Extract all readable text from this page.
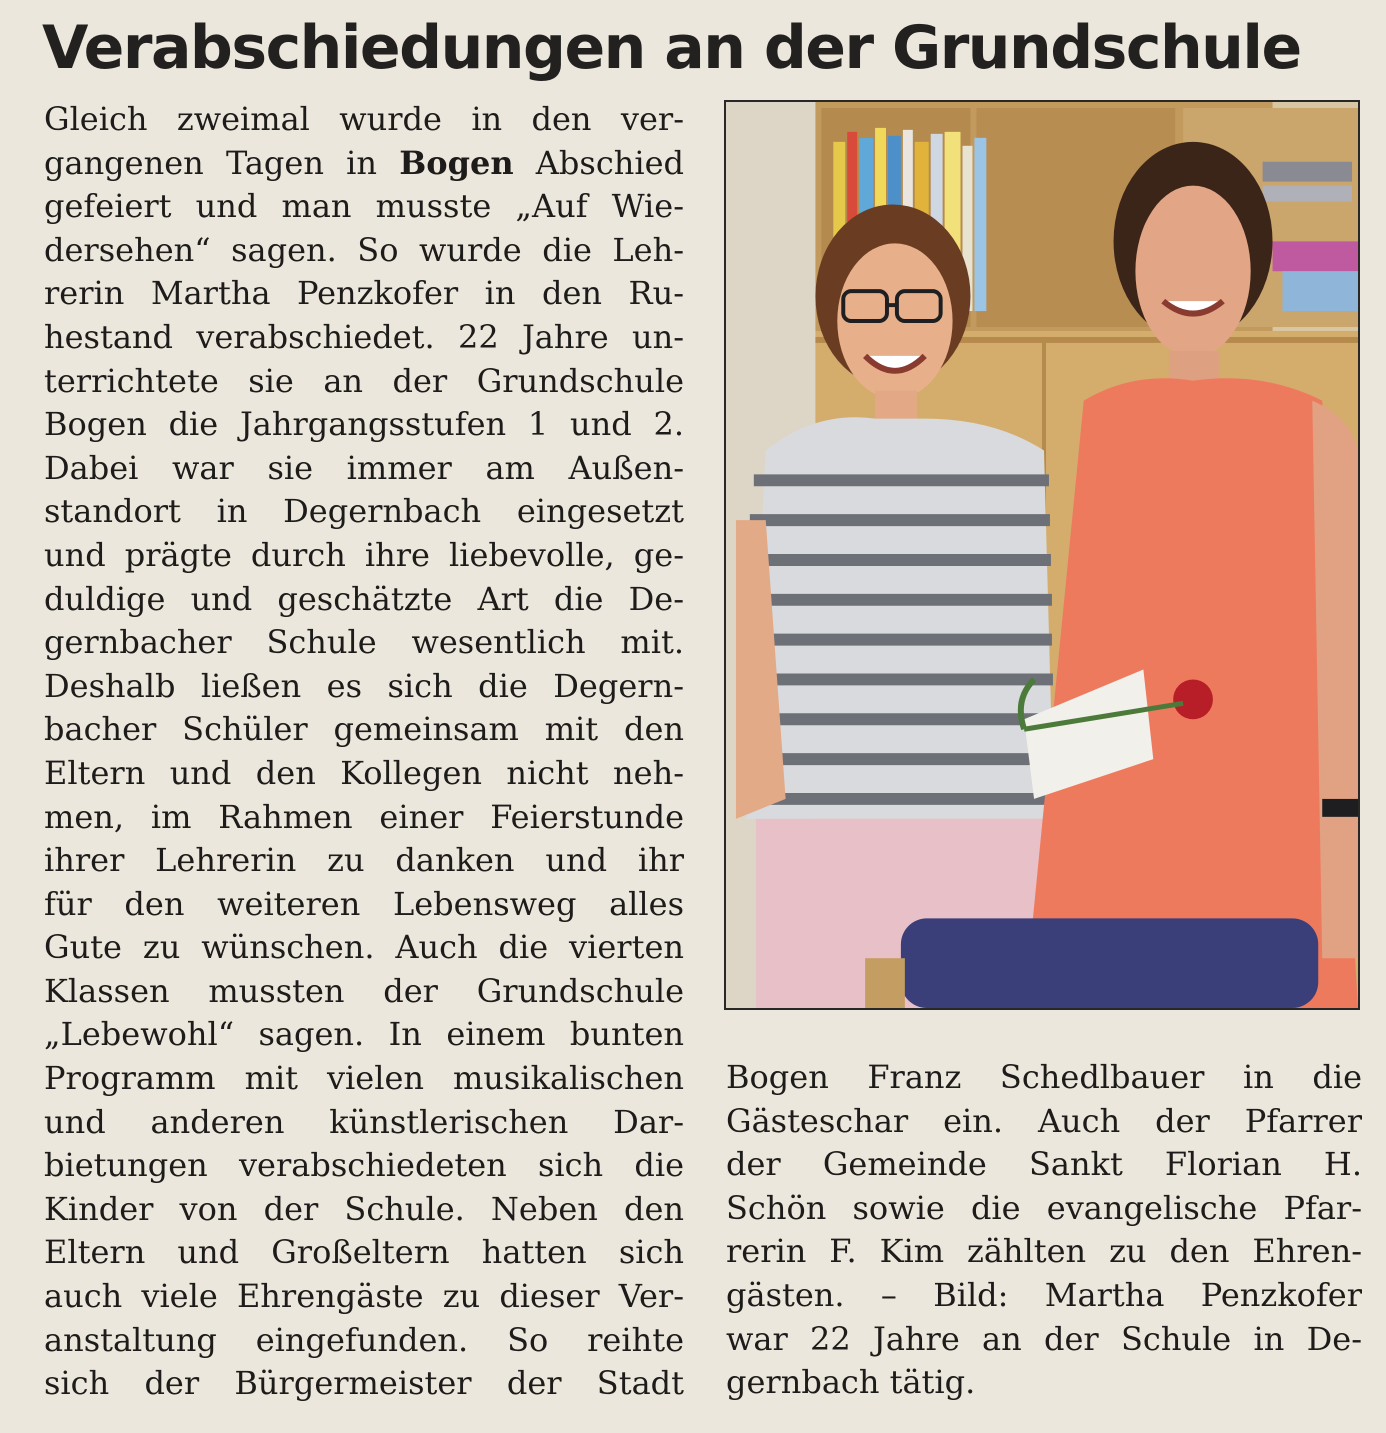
Verabschiedungen an der Grundschule
Gleich zweimal wurde in den ver-
gangenen Tagen in Bogen Abschied
gefeiert und man musste „Auf Wie-
dersehen“ sagen. So wurde die Leh-
rerin Martha Penzkofer in den Ru-
hestand verabschiedet. 22 Jahre un-
terrichtete sie an der Grundschule
Bogen die Jahrgangsstufen 1 und 2.
Dabei war sie immer am Außen-
standort in Degernbach eingesetzt
und prägte durch ihre liebevolle, ge-
duldige und geschätzte Art die De-
gernbacher Schule wesentlich mit.
Deshalb ließen es sich die Degern-
bacher Schüler gemeinsam mit den
Eltern und den Kollegen nicht neh-
men, im Rahmen einer Feierstunde
ihrer Lehrerin zu danken und ihr
für den weiteren Lebensweg alles
Gute zu wünschen. Auch die vierten
Klassen mussten der Grundschule
„Lebewohl“ sagen. In einem bunten
Programm mit vielen musikalischen
und anderen künstlerischen Dar-
bietungen verabschiedeten sich die
Kinder von der Schule. Neben den
Eltern und Großeltern hatten sich
auch viele Ehrengäste zu dieser Ver-
anstaltung eingefunden. So reihte
sich der Bürgermeister der Stadt
Bogen Franz Schedlbauer in die
Gästeschar ein. Auch der Pfarrer
der Gemeinde Sankt Florian H.
Schön sowie die evangelische Pfar-
rerin F. Kim zählten zu den Ehren-
gästen. – Bild: Martha Penzkofer
war 22 Jahre an der Schule in De-
gernbach tätig.
